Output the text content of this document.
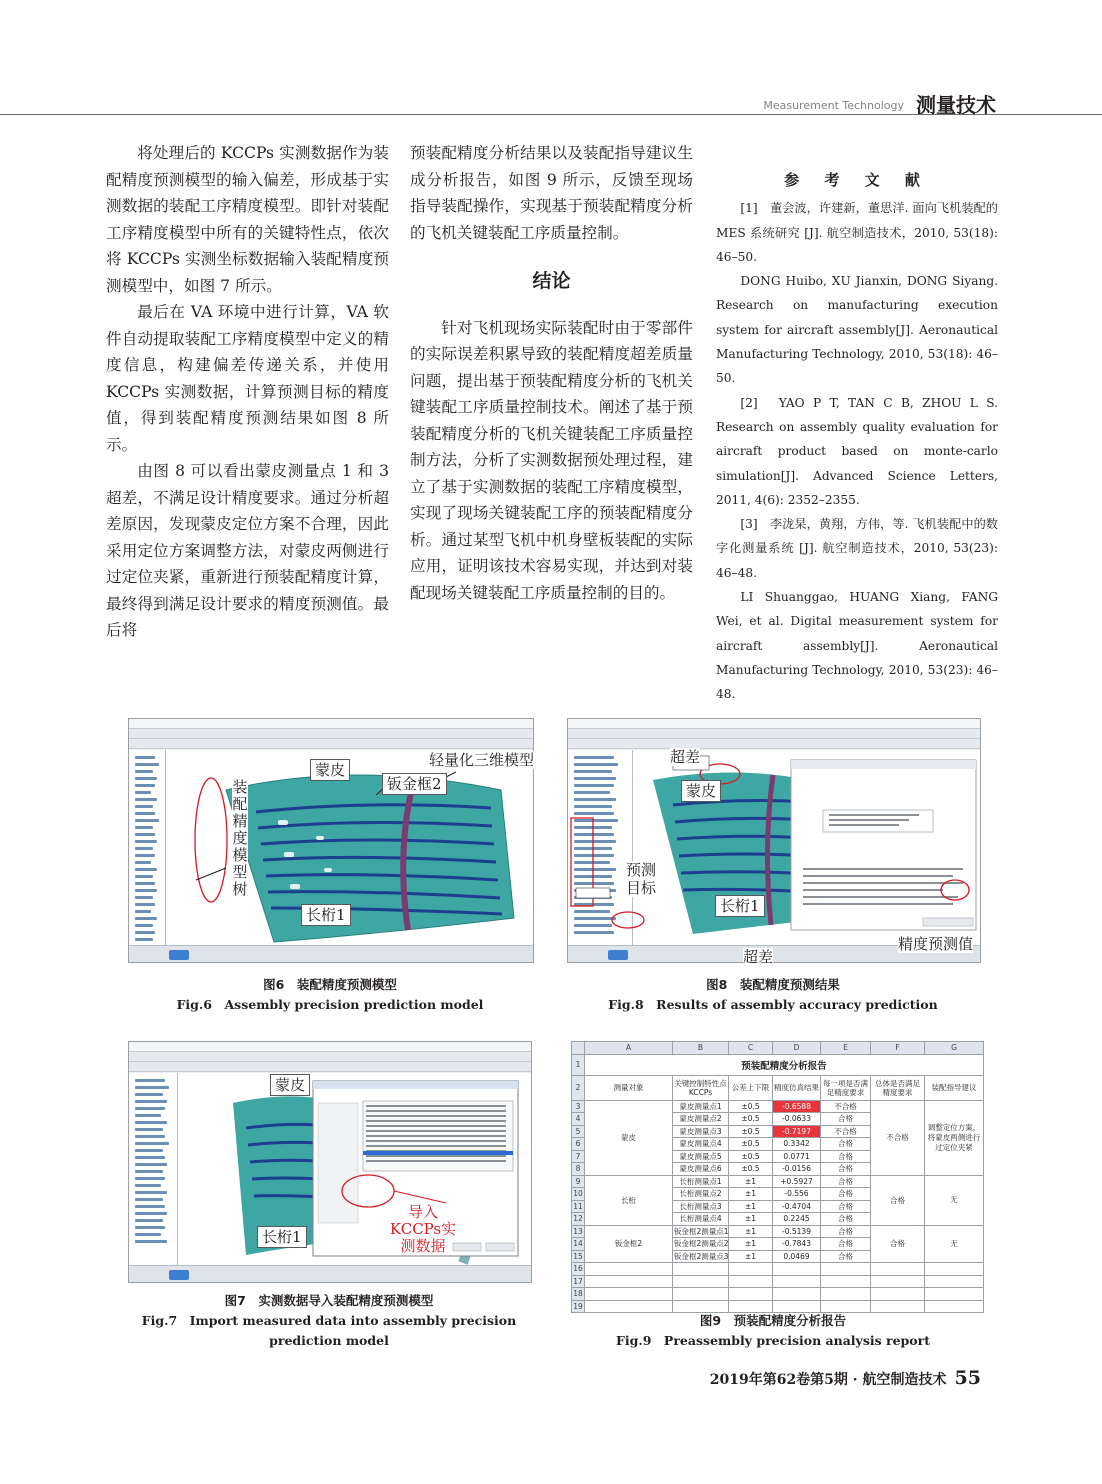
Measurement Technology 测量技术

将处理后的 KCCPs 实测数据作为装配精度预测模型的输入偏差，形成基于实测数据的装配工序精度模型。即针对装配工序精度模型中所有的关键特性点，依次将 KCCPs 实测坐标数据输入装配精度预测模型中，如图 7 所示。

最后在 VA 环境中进行计算，VA 软件自动提取装配工序精度模型中定义的精度信息，构建偏差传递关系，并使用 KCCPs 实测数据，计算预测目标的精度值，得到装配精度预测结果如图 8 所示。

由图 8 可以看出蒙皮测量点 1 和 3 超差，不满足设计精度要求。通过分析超差原因，发现蒙皮定位方案不合理，因此采用定位方案调整方法，对蒙皮两侧进行过定位夹紧，重新进行预装配精度计算，最终得到满足设计要求的精度预测值。最后将

预装配精度分析结果以及装配指导建议生成分析报告，如图 9 所示，反馈至现场指导装配操作，实现基于预装配精度分析的飞机关键装配工序质量控制。

结论

针对飞机现场实际装配时由于零部件的实际误差积累导致的装配精度超差质量问题，提出基于预装配精度分析的飞机关键装配工序质量控制技术。阐述了基于预装配精度分析的飞机关键装配工序质量控制方法，分析了实测数据预处理过程，建立了基于实测数据的装配工序精度模型，实现了现场关键装配工序的预装配精度分析。通过某型飞机中机身壁板装配的实际应用，证明该技术容易实现，并达到对装配现场关键装配工序质量控制的目的。

参 考 文 献

[1]　董会波，许建新，董思洋. 面向飞机装配的 MES 系统研究 [J]. 航空制造技术，2010, 53(18): 46–50.

DONG Huibo, XU Jianxin, DONG Siyang. Research on manufacturing execution system for aircraft assembly[J]. Aeronautical Manufacturing Technology, 2010, 53(18): 46–50.

[2]　YAO P T, TAN C B, ZHOU L S. Research on assembly quality evaluation for aircraft product based on monte-carlo simulation[J]. Advanced Science Letters, 2011, 4(6): 2352–2355.

[3]　李泷杲，黄翔，方伟，等. 飞机装配中的数字化测量系统 [J]. 航空制造技术，2010, 53(23): 46–48.

LI Shuanggao, HUANG Xiang, FANG Wei, et al. Digital measurement system for aircraft assembly[J]. Aeronautical Manufacturing Technology, 2010, 53(23): 46–48.

蒙皮
钣金框2
轻量化三维模型
装配精度模型树
长桁1
图6　装配精度预测模型
Fig.6　Assembly precision prediction model
超差
蒙皮
预测目标
长桁1
精度预测值
超差
图8　装配精度预测结果
Fig.8　Results of assembly accuracy prediction
蒙皮
长桁1
导入KCCPs实测数据
图7　实测数据导入装配精度预测模型
Fig.7　Import measured data into assembly precision
prediction model
	A	B	C	D	E	F	G
1	预装配精度分析报告						
2	测量对象	关键控制特性点KCCPs	公差上下限	精度仿真结果	每一项是否满足精度要求	总体是否满足精度要求	装配指导建议
3	蒙皮	蒙皮测量点1	±0.5	-0.6588	不合格	不合格	调整定位方案，将蒙皮两侧进行过定位夹紧
4		蒙皮测量点2	±0.5	-0.0633	合格		
5		蒙皮测量点3	±0.5	-0.7197	不合格		
6		蒙皮测量点4	±0.5	0.3342	合格		
7		蒙皮测量点5	±0.5	0.0771	合格		
8		蒙皮测量点6	±0.5	-0.0156	合格		
9	长桁	长桁测量点1	±1	+0.5927	合格	合格	无
10		长桁测量点2	±1	-0.556	合格		
11		长桁测量点3	±1	-0.4704	合格		
12		长桁测量点4	±1	0.2245	合格		
13	钣金框2	钣金框2测量点1	±1	-0.5139	合格	合格	无
14		钣金框2测量点2	±1	-0.7843	合格		
15		钣金框2测量点3	±1	0.0469	合格		
16							
17							
18							
19							
图9　预装配精度分析报告
Fig.9　Preassembly precision analysis report
2019年第62卷第5期 · 航空制造技术 55
